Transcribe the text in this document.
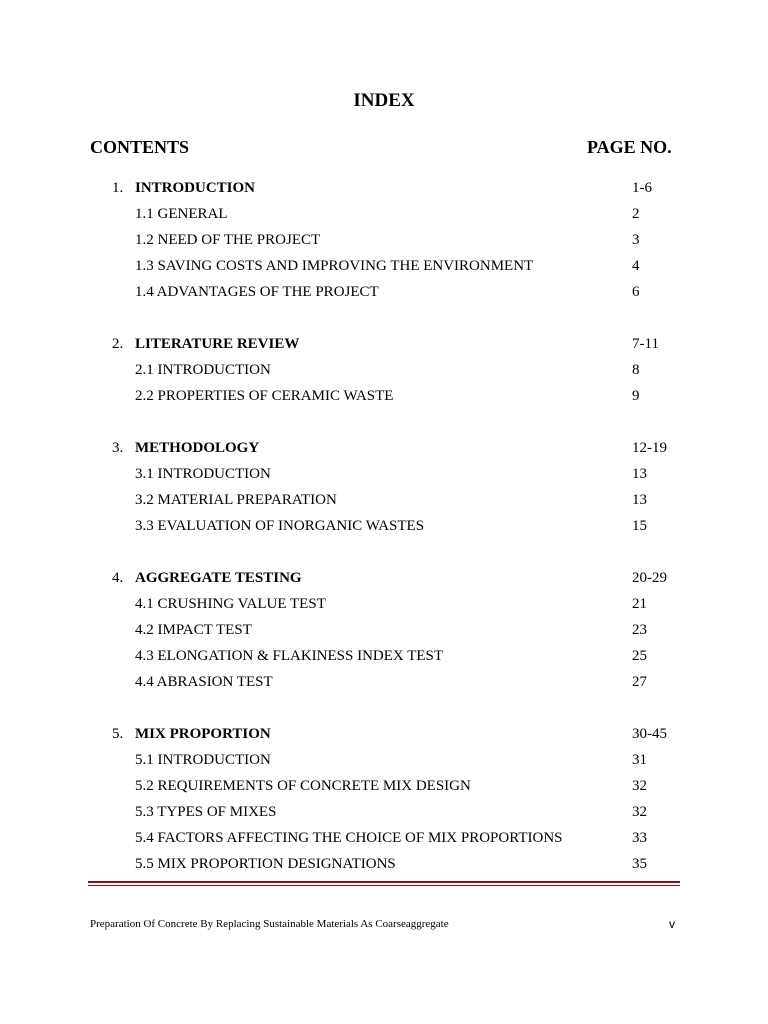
INDEX
CONTENTS	PAGE NO.
1. INTRODUCTION	1-6
1.1 GENERAL	2
1.2 NEED OF THE PROJECT	3
1.3 SAVING COSTS AND IMPROVING THE ENVIRONMENT	4
1.4 ADVANTAGES OF THE PROJECT	6
2. LITERATURE REVIEW	7-11
2.1 INTRODUCTION	8
2.2 PROPERTIES OF CERAMIC WASTE	9
3. METHODOLOGY	12-19
3.1 INTRODUCTION	13
3.2 MATERIAL PREPARATION	13
3.3 EVALUATION OF INORGANIC WASTES	15
4. AGGREGATE TESTING	20-29
4.1 CRUSHING VALUE TEST	21
4.2 IMPACT TEST	23
4.3 ELONGATION & FLAKINESS INDEX TEST	25
4.4 ABRASION TEST	27
5. MIX PROPORTION	30-45
5.1 INTRODUCTION	31
5.2 REQUIREMENTS OF CONCRETE MIX DESIGN	32
5.3 TYPES OF MIXES	32
5.4 FACTORS AFFECTING THE CHOICE OF MIX PROPORTIONS	33
5.5 MIX PROPORTION DESIGNATIONS	35
Preparation Of Concrete By Replacing Sustainable Materials As Coarseaggregate	v
